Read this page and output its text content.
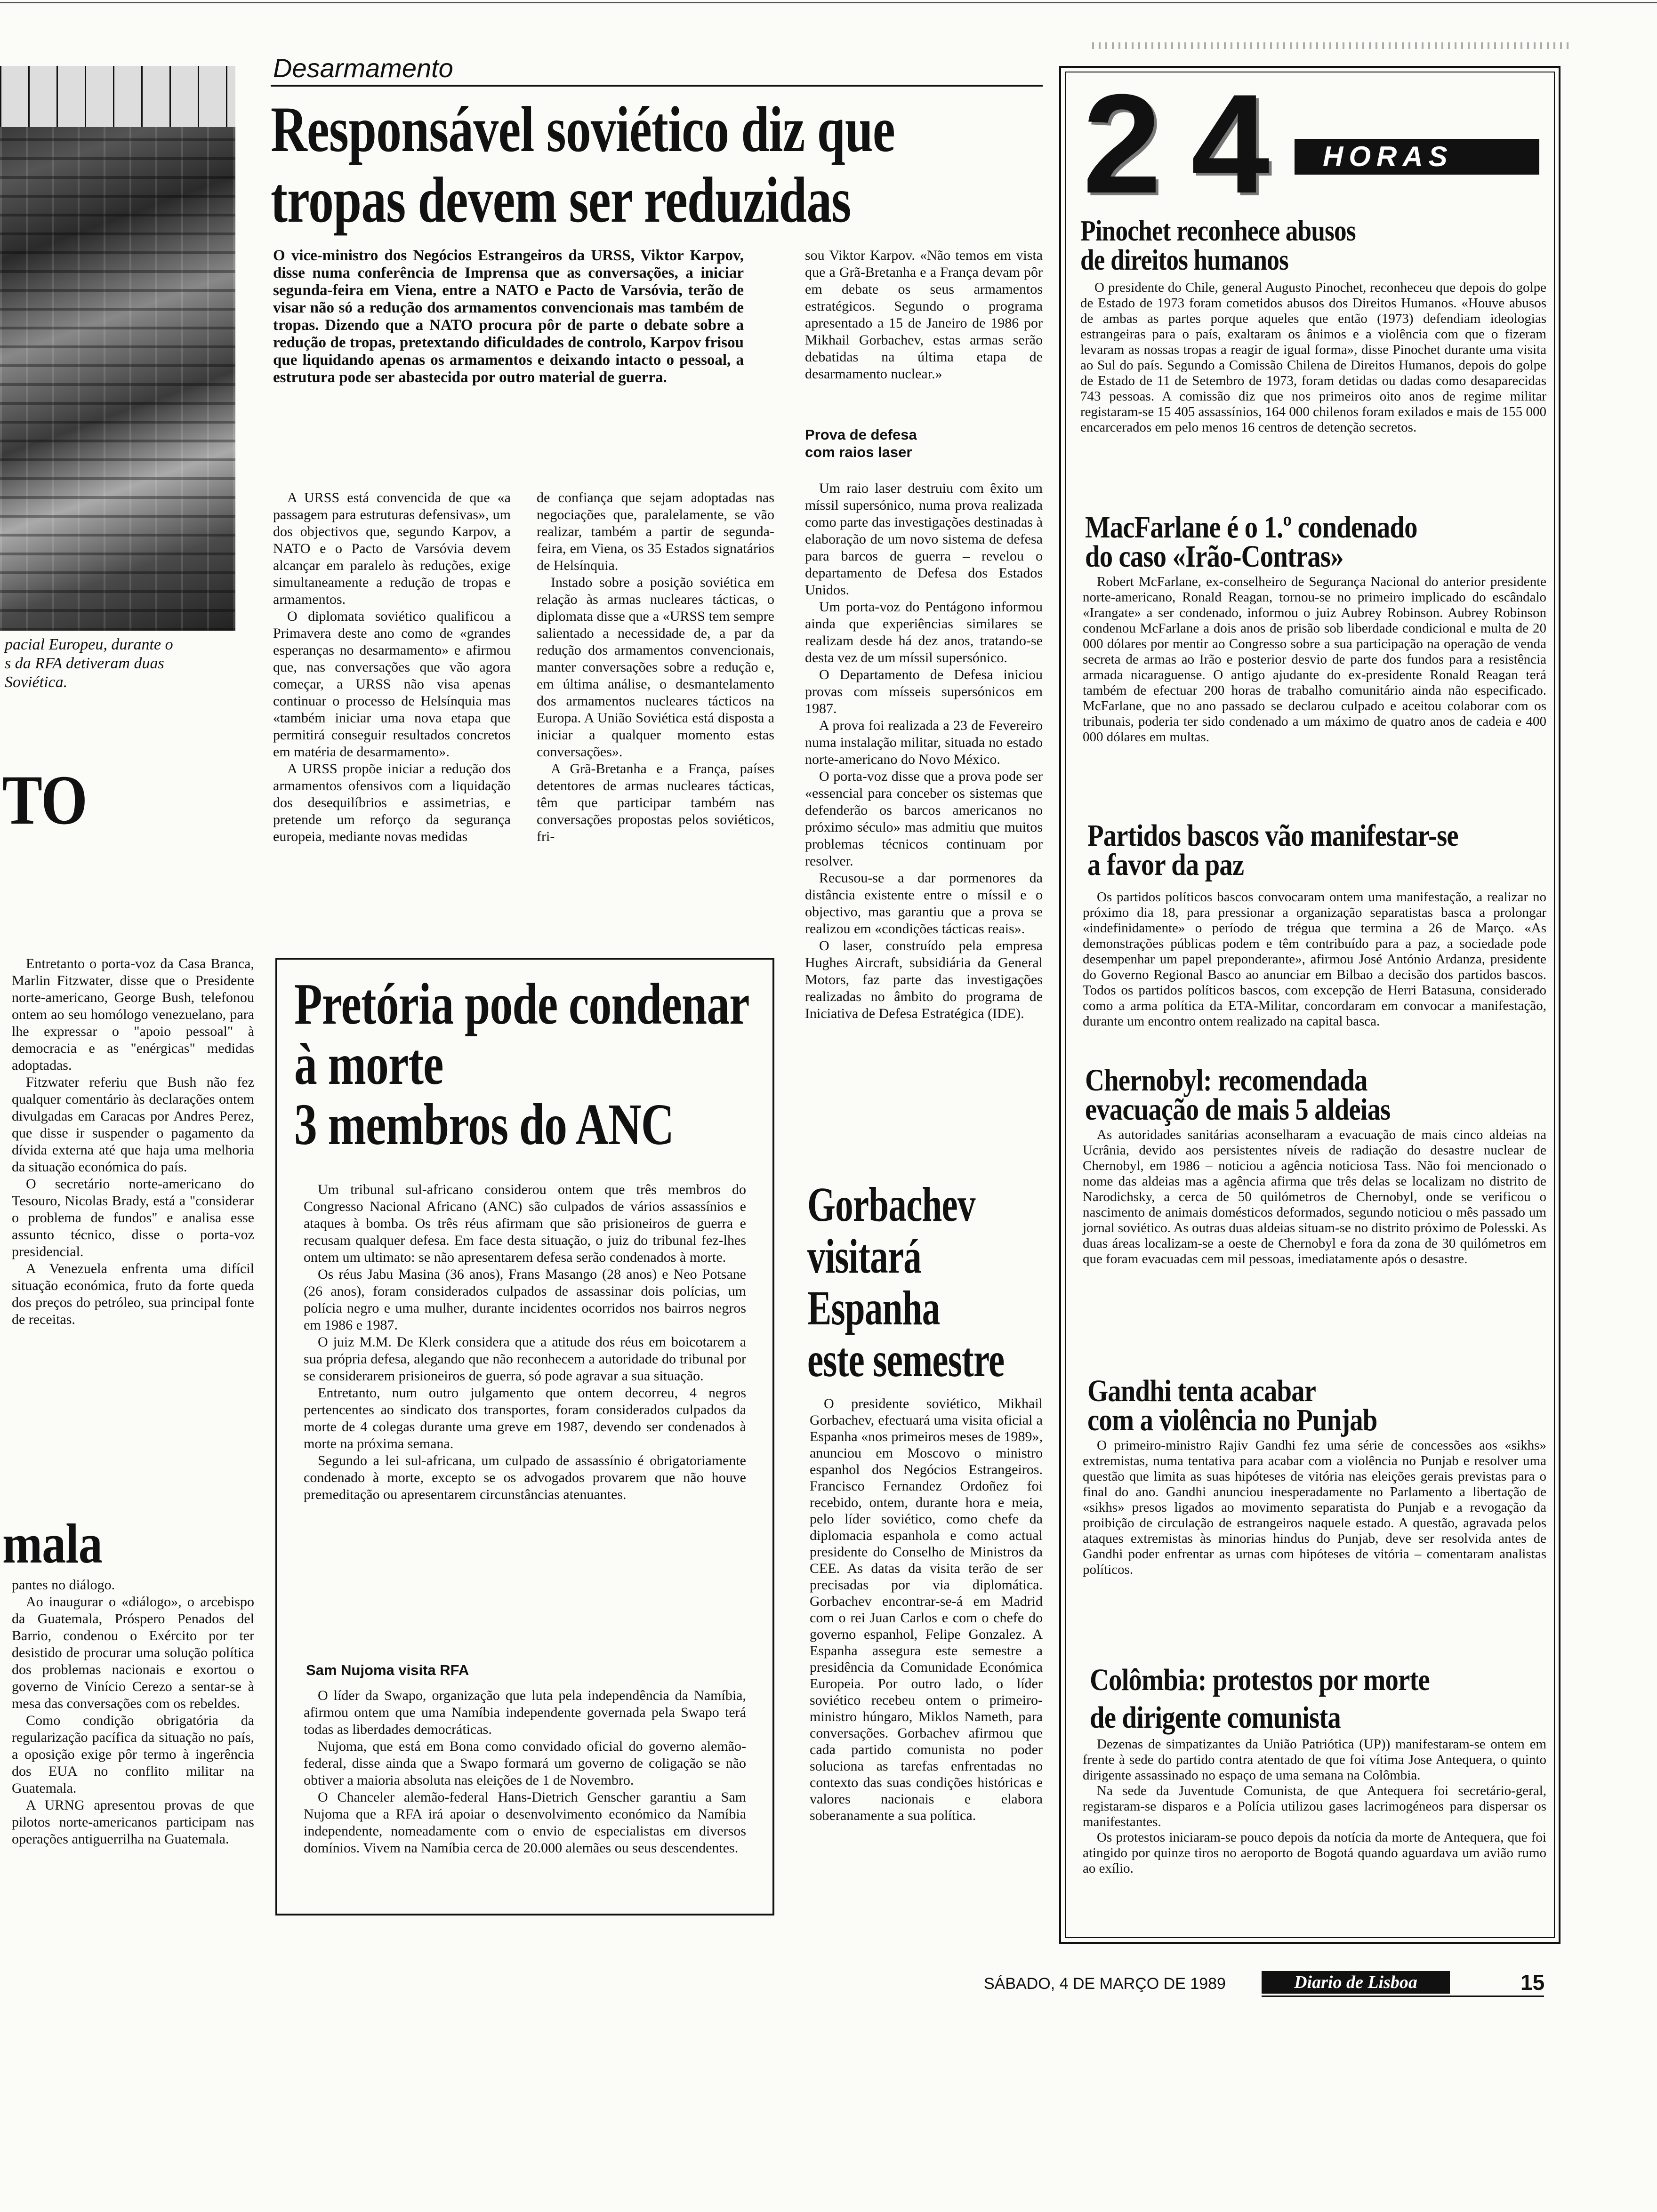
pacial Europeu, durante o
s da RFA detiveram duas
Soviética.
TO

Entretanto o porta-voz da Casa Branca, Marlin Fitzwater, disse que o Presidente norte-americano, George Bush, telefonou ontem ao seu homólogo venezuelano, para lhe expressar o "apoio pessoal" à democracia e as "enérgicas" medidas adoptadas.

Fitzwater referiu que Bush não fez qualquer comentário às declarações ontem divulgadas em Caracas por Andres Perez, que disse ir suspender o pagamento da dívida externa até que haja uma melhoria da situação económica do país.

O secretário norte-americano do Tesouro, Nicolas Brady, está a "considerar o problema de fundos" e analisa esse assunto técnico, disse o porta-voz presidencial.

A Venezuela enfrenta uma difícil situação económica, fruto da forte queda dos preços do petróleo, sua principal fonte de receitas.

mala

pantes no diálogo.

Ao inaugurar o «diálogo», o arcebispo da Guatemala, Próspero Penados del Barrio, condenou o Exército por ter desistido de procurar uma solução política dos problemas nacionais e exortou o governo de Vinício Cerezo a sentar-se à mesa das conversações com os rebeldes.

Como condição obrigatória da regularização pacífica da situação no país, a oposição exige pôr termo à ingerência dos EUA no conflito militar na Guatemala.

A URNG apresentou provas de que pilotos norte-americanos participam nas operações antiguerrilha na Guatemala.

Desarmamento
Responsável soviético diz que
tropas devem ser reduzidas
O vice-ministro dos Negócios Estrangeiros da URSS, Viktor Karpov, disse numa conferência de Imprensa que as conversações, a iniciar segunda-feira em Viena, entre a NATO e Pacto de Varsóvia, terão de visar não só a redução dos armamentos convencionais mas também de tropas. Dizendo que a NATO procura pôr de parte o debate sobre a redução de tropas, pretextando dificuldades de controlo, Karpov frisou que liquidando apenas os armamentos e deixando intacto o pessoal, a estrutura pode ser abastecida por outro material de guerra.

A URSS está convencida de que «a passagem para estruturas defensivas», um dos objectivos que, segundo Karpov, a NATO e o Pacto de Varsóvia devem alcançar em paralelo às reduções, exige simultaneamente a redução de tropas e armamentos.

O diplomata soviético qualificou a Primavera deste ano como de «grandes esperanças no desarmamento» e afirmou que, nas conversações que vão agora começar, a URSS não visa apenas continuar o processo de Helsínquia mas «também iniciar uma nova etapa que permitirá conseguir resultados concretos em matéria de desarmamento».

A URSS propõe iniciar a redução dos armamentos ofensivos com a liquidação dos desequilíbrios e assimetrias, e pretende um reforço da segurança europeia, mediante novas medidas

de confiança que sejam adoptadas nas negociações que, paralelamente, se vão realizar, também a partir de segunda-feira, em Viena, os 35 Estados signatários de Helsínquia.

Instado sobre a posição soviética em relação às armas nucleares tácticas, o diplomata disse que a «URSS tem sempre salientado a necessidade de, a par da redução dos armamentos convencionais, manter conversações sobre a redução e, em última análise, o desmantelamento dos armamentos nucleares tácticos na Europa. A União Soviética está disposta a iniciar a qualquer momento estas conversações».

A Grã-Bretanha e a França, países detentores de armas nucleares tácticas, têm que participar também nas conversações propostas pelos soviéticos, fri-

sou Viktor Karpov. «Não temos em vista que a Grã-Bretanha e a França devam pôr em debate os seus armamentos estratégicos. Segundo o programa apresentado a 15 de Janeiro de 1986 por Mikhail Gorbachev, estas armas serão debatidas na última etapa de desarmamento nuclear.»

Prova de defesa
com raios laser

Um raio laser destruiu com êxito um míssil supersónico, numa prova realizada como parte das investigações destinadas à elaboração de um novo sistema de defesa para barcos de guerra – revelou o departamento de Defesa dos Estados Unidos.

Um porta-voz do Pentágono informou ainda que experiências similares se realizam desde há dez anos, tratando-se desta vez de um míssil supersónico.

O Departamento de Defesa iniciou provas com mísseis supersónicos em 1987.

A prova foi realizada a 23 de Fevereiro numa instalação militar, situada no estado norte-americano do Novo México.

O porta-voz disse que a prova pode ser «essencial para conceber os sistemas que defenderão os barcos americanos no próximo século» mas admitiu que muitos problemas técnicos continuam por resolver.

Recusou-se a dar pormenores da distância existente entre o míssil e o objectivo, mas garantiu que a prova se realizou em «condições tácticas reais».

O laser, construído pela empresa Hughes Aircraft, subsidiária da General Motors, faz parte das investigações realizadas no âmbito do programa de Iniciativa de Defesa Estratégica (IDE).

Pretória pode condenar
à morte
3 membros do ANC

Um tribunal sul-africano considerou ontem que três membros do Congresso Nacional Africano (ANC) são culpados de vários assassínios e ataques à bomba. Os três réus afirmam que são prisioneiros de guerra e recusam qualquer defesa. Em face desta situação, o juiz do tribunal fez-lhes ontem um ultimato: se não apresentarem defesa serão condenados à morte.

Os réus Jabu Masina (36 anos), Frans Masango (28 anos) e Neo Potsane (26 anos), foram considerados culpados de assassinar dois polícias, um polícia negro e uma mulher, durante incidentes ocorridos nos bairros negros em 1986 e 1987.

O juiz M.M. De Klerk considera que a atitude dos réus em boicotarem a sua própria defesa, alegando que não reconhecem a autoridade do tribunal por se considerarem prisioneiros de guerra, só pode agravar a sua situação.

Entretanto, num outro julgamento que ontem decorreu, 4 negros pertencentes ao sindicato dos transportes, foram considerados culpados da morte de 4 colegas durante uma greve em 1987, devendo ser condenados à morte na próxima semana.

Segundo a lei sul-africana, um culpado de assassínio é obrigatoriamente condenado à morte, excepto se os advogados provarem que não houve premeditação ou apresentarem circunstâncias atenuantes.

Sam Nujoma visita RFA

O líder da Swapo, organização que luta pela independência da Namíbia, afirmou ontem que uma Namíbia independente governada pela Swapo terá todas as liberdades democráticas.

Nujoma, que está em Bona como convidado oficial do governo alemão-federal, disse ainda que a Swapo formará um governo de coligação se não obtiver a maioria absoluta nas eleições de 1 de Novembro.

O Chanceler alemão-federal Hans-Dietrich Genscher garantiu a Sam Nujoma que a RFA irá apoiar o desenvolvimento económico da Namíbia independente, nomeadamente com o envio de especialistas em diversos domínios. Vivem na Namíbia cerca de 20.000 alemães ou seus descendentes.

Gorbachev
visitará
Espanha
este semestre

O presidente soviético, Mikhail Gorbachev, efectuará uma visita oficial a Espanha «nos primeiros meses de 1989», anunciou em Moscovo o ministro espanhol dos Negócios Estrangeiros. Francisco Fernandez Ordoñez foi recebido, ontem, durante hora e meia, pelo líder soviético, como chefe da diplomacia espanhola e como actual presidente do Conselho de Ministros da CEE. As datas da visita terão de ser precisadas por via diplomática. Gorbachev encontrar-se-á em Madrid com o rei Juan Carlos e com o chefe do governo espanhol, Felipe Gonzalez. A Espanha assegura este semestre a presidência da Comunidade Económica Europeia. Por outro lado, o líder soviético recebeu ontem o primeiro-ministro húngaro, Miklos Nameth, para conversações. Gorbachev afirmou que cada partido comunista no poder soluciona as tarefas enfrentadas no contexto das suas condições históricas e valores nacionais e elabora soberanamente a sua política.

2 4 HORAS
Pinochet reconhece abusos
de direitos humanos

O presidente do Chile, general Augusto Pinochet, reconheceu que depois do golpe de Estado de 1973 foram cometidos abusos dos Direitos Humanos. «Houve abusos de ambas as partes porque aqueles que então (1973) defendiam ideologias estrangeiras para o país, exaltaram os ânimos e a violência com que o fizeram levaram as nossas tropas a reagir de igual forma», disse Pinochet durante uma visita ao Sul do país. Segundo a Comissão Chilena de Direitos Humanos, depois do golpe de Estado de 11 de Setembro de 1973, foram detidas ou dadas como desaparecidas 743 pessoas. A comissão diz que nos primeiros oito anos de regime militar registaram-se 15 405 assassínios, 164 000 chilenos foram exilados e mais de 155 000 encarcerados em pelo menos 16 centros de detenção secretos.

MacFarlane é o 1.º condenado
do caso «Irão-Contras»

Robert McFarlane, ex-conselheiro de Segurança Nacional do anterior presidente norte-americano, Ronald Reagan, tornou-se no primeiro implicado do escândalo «Irangate» a ser condenado, informou o juiz Aubrey Robinson. Aubrey Robinson condenou McFarlane a dois anos de prisão sob liberdade condicional e multa de 20 000 dólares por mentir ao Congresso sobre a sua participação na operação de venda secreta de armas ao Irão e posterior desvio de parte dos fundos para a resistência armada nicaraguense. O antigo ajudante do ex-presidente Ronald Reagan terá também de efectuar 200 horas de trabalho comunitário ainda não especificado. McFarlane, que no ano passado se declarou culpado e aceitou colaborar com os tribunais, poderia ter sido condenado a um máximo de quatro anos de cadeia e 400 000 dólares em multas.

Partidos bascos vão manifestar-se
a favor da paz

Os partidos políticos bascos convocaram ontem uma manifestação, a realizar no próximo dia 18, para pressionar a organização separatistas basca a prolongar «indefinidamente» o período de trégua que termina a 26 de Março. «As demonstrações públicas podem e têm contribuído para a paz, a sociedade pode desempenhar um papel preponderante», afirmou José António Ardanza, presidente do Governo Regional Basco ao anunciar em Bilbao a decisão dos partidos bascos. Todos os partidos políticos bascos, com excepção de Herri Batasuna, considerado como a arma política da ETA-Militar, concordaram em convocar a manifestação, durante um encontro ontem realizado na capital basca.

Chernobyl: recomendada
evacuação de mais 5 aldeias

As autoridades sanitárias aconselharam a evacuação de mais cinco aldeias na Ucrânia, devido aos persistentes níveis de radiação do desastre nuclear de Chernobyl, em 1986 – noticiou a agência noticiosa Tass. Não foi mencionado o nome das aldeias mas a agência afirma que três delas se localizam no distrito de Narodichsky, a cerca de 50 quilómetros de Chernobyl, onde se verificou o nascimento de animais domésticos deformados, segundo noticiou o mês passado um jornal soviético. As outras duas aldeias situam-se no distrito próximo de Polesski. As duas áreas localizam-se a oeste de Chernobyl e fora da zona de 30 quilómetros em que foram evacuadas cem mil pessoas, imediatamente após o desastre.

Gandhi tenta acabar
com a violência no Punjab

O primeiro-ministro Rajiv Gandhi fez uma série de concessões aos «sikhs» extremistas, numa tentativa para acabar com a violência no Punjab e resolver uma questão que limita as suas hipóteses de vitória nas eleições gerais previstas para o final do ano. Gandhi anunciou inesperadamente no Parlamento a libertação de «sikhs» presos ligados ao movimento separatista do Punjab e a revogação da proibição de circulação de estrangeiros naquele estado. A questão, agravada pelos ataques extremistas às minorias hindus do Punjab, deve ser resolvida antes de Gandhi poder enfrentar as urnas com hipóteses de vitória – comentaram analistas políticos.

Colômbia: protestos por morte
de dirigente comunista

Dezenas de simpatizantes da União Patriótica (UP)) manifestaram-se ontem em frente à sede do partido contra atentado de que foi vítima Jose Antequera, o quinto dirigente assassinado no espaço de uma semana na Colômbia.

Na sede da Juventude Comunista, de que Antequera foi secretário-geral, registaram-se disparos e a Polícia utilizou gases lacrimogéneos para dispersar os manifestantes.

Os protestos iniciaram-se pouco depois da notícia da morte de Antequera, que foi atingido por quinze tiros no aeroporto de Bogotá quando aguardava um avião rumo ao exílio.

SÁBADO, 4 DE MARÇO DE 1989	Diario de Lisboa	15
